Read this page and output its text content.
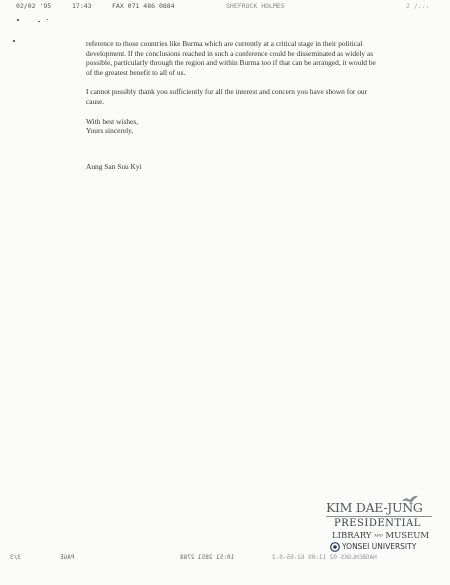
02/02 '95	17:43	FAX 071 486 0884	SHEFROCK HOLMES	2 /...

reference to those countries like Burma which are currently at a critical stage in their political development. If the conclusions reached in such a conference could be disseminated as widely as possible, particularly through the region and within Burma too if that can be arranged, it would be of the greatest benefit to all of us.

I cannot possibly thank you sufficiently for all the interest and concern you have shown for our cause.

With best wishes,
Yours sincerely,

Aung San Suu Kyi

3/3	PAGE	10:51 2851 2788	HAGBCHLGKS 02 11:09 62-65-0.2
KIM DAE-JUNG
PRESIDENTIAL
LIBRARY AND MUSEUM
YONSEI UNIVERSITY
